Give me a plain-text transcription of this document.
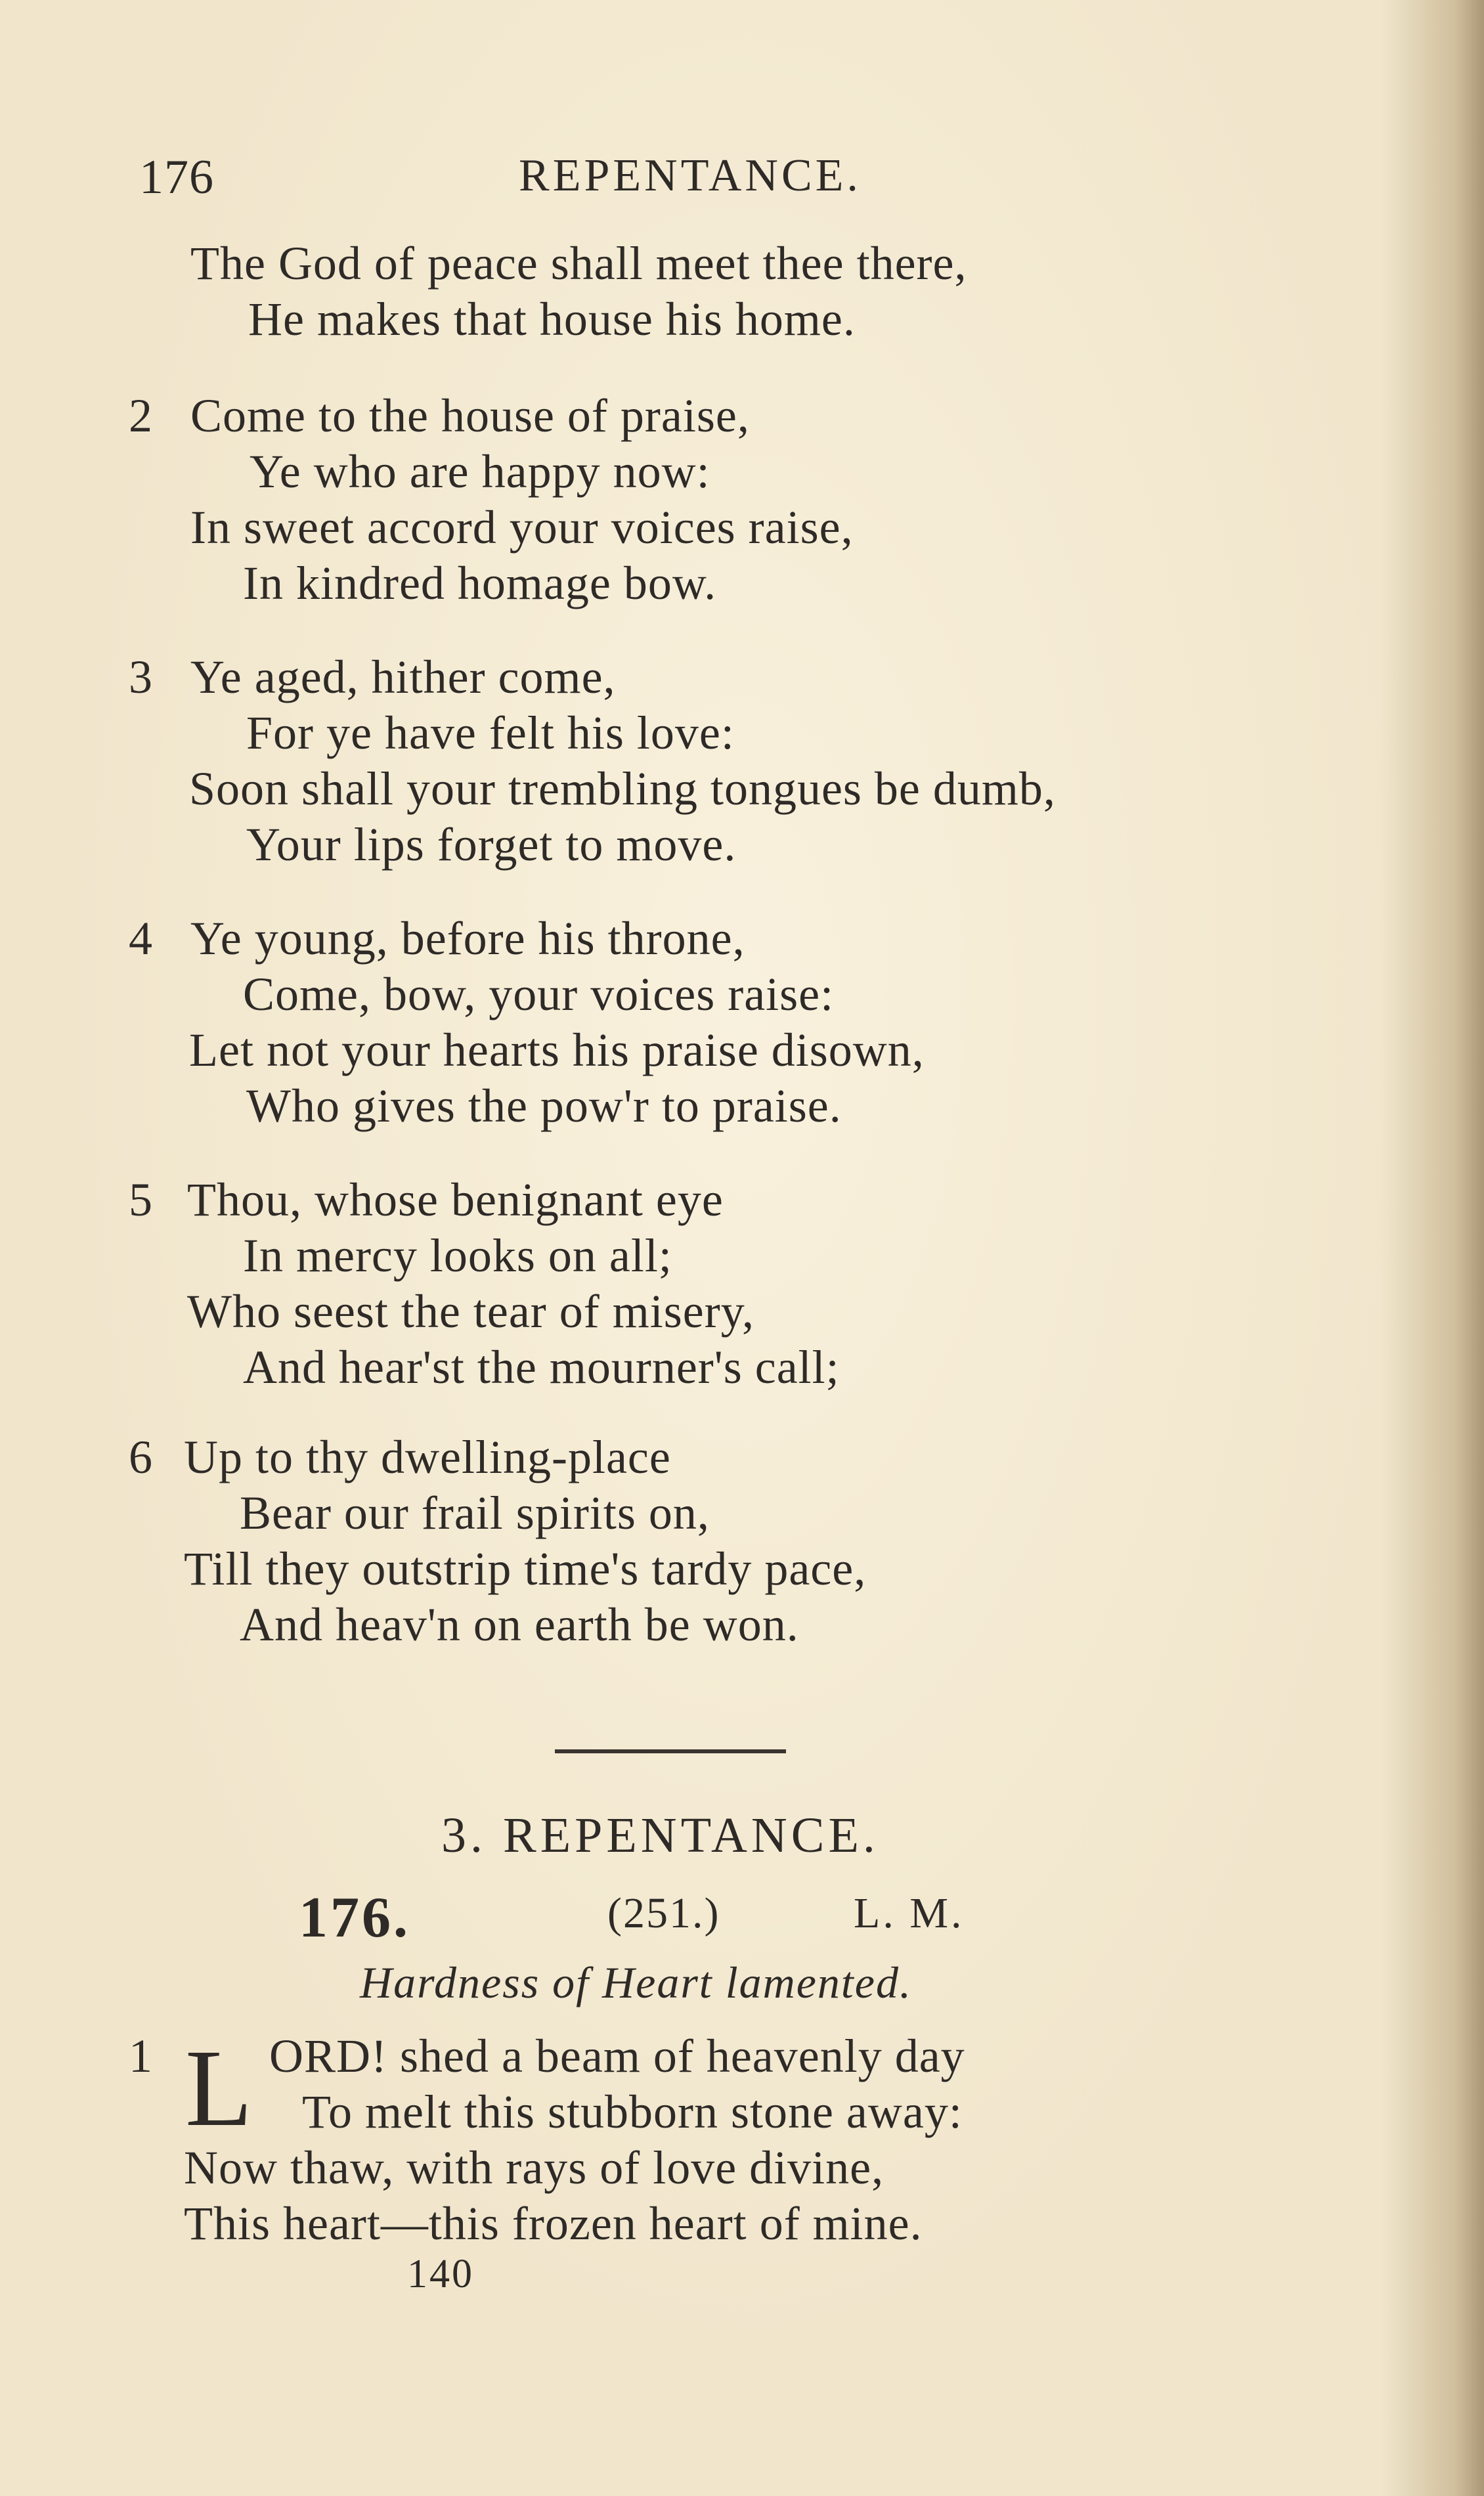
176	REPENTANCE.
The God of peace shall meet thee there,
He makes that house his home.
2 Come to the house of praise,
Ye who are happy now:
In sweet accord your voices raise,
In kindred homage bow.
3 Ye aged, hither come,
For ye have felt his love:
Soon shall your trembling tongues be dumb,
Your lips forget to move.
4 Ye young, before his throne,
Come, bow, your voices raise:
Let not your hearts his praise disown,
Who gives the pow'r to praise.
5 Thou, whose benignant eye
In mercy looks on all;
Who seest the tear of misery,
And hear'st the mourner's call;
6 Up to thy dwelling-place
Bear our frail spirits on,
Till they outstrip time's tardy pace,
And heav'n on earth be won.
3. REPENTANCE.
176.	(251.)	L. M.
Hardness of Heart lamented.
1 L ORD! shed a beam of heavenly day
To melt this stubborn stone away:
Now thaw, with rays of love divine,
This heart—this frozen heart of mine.
140
